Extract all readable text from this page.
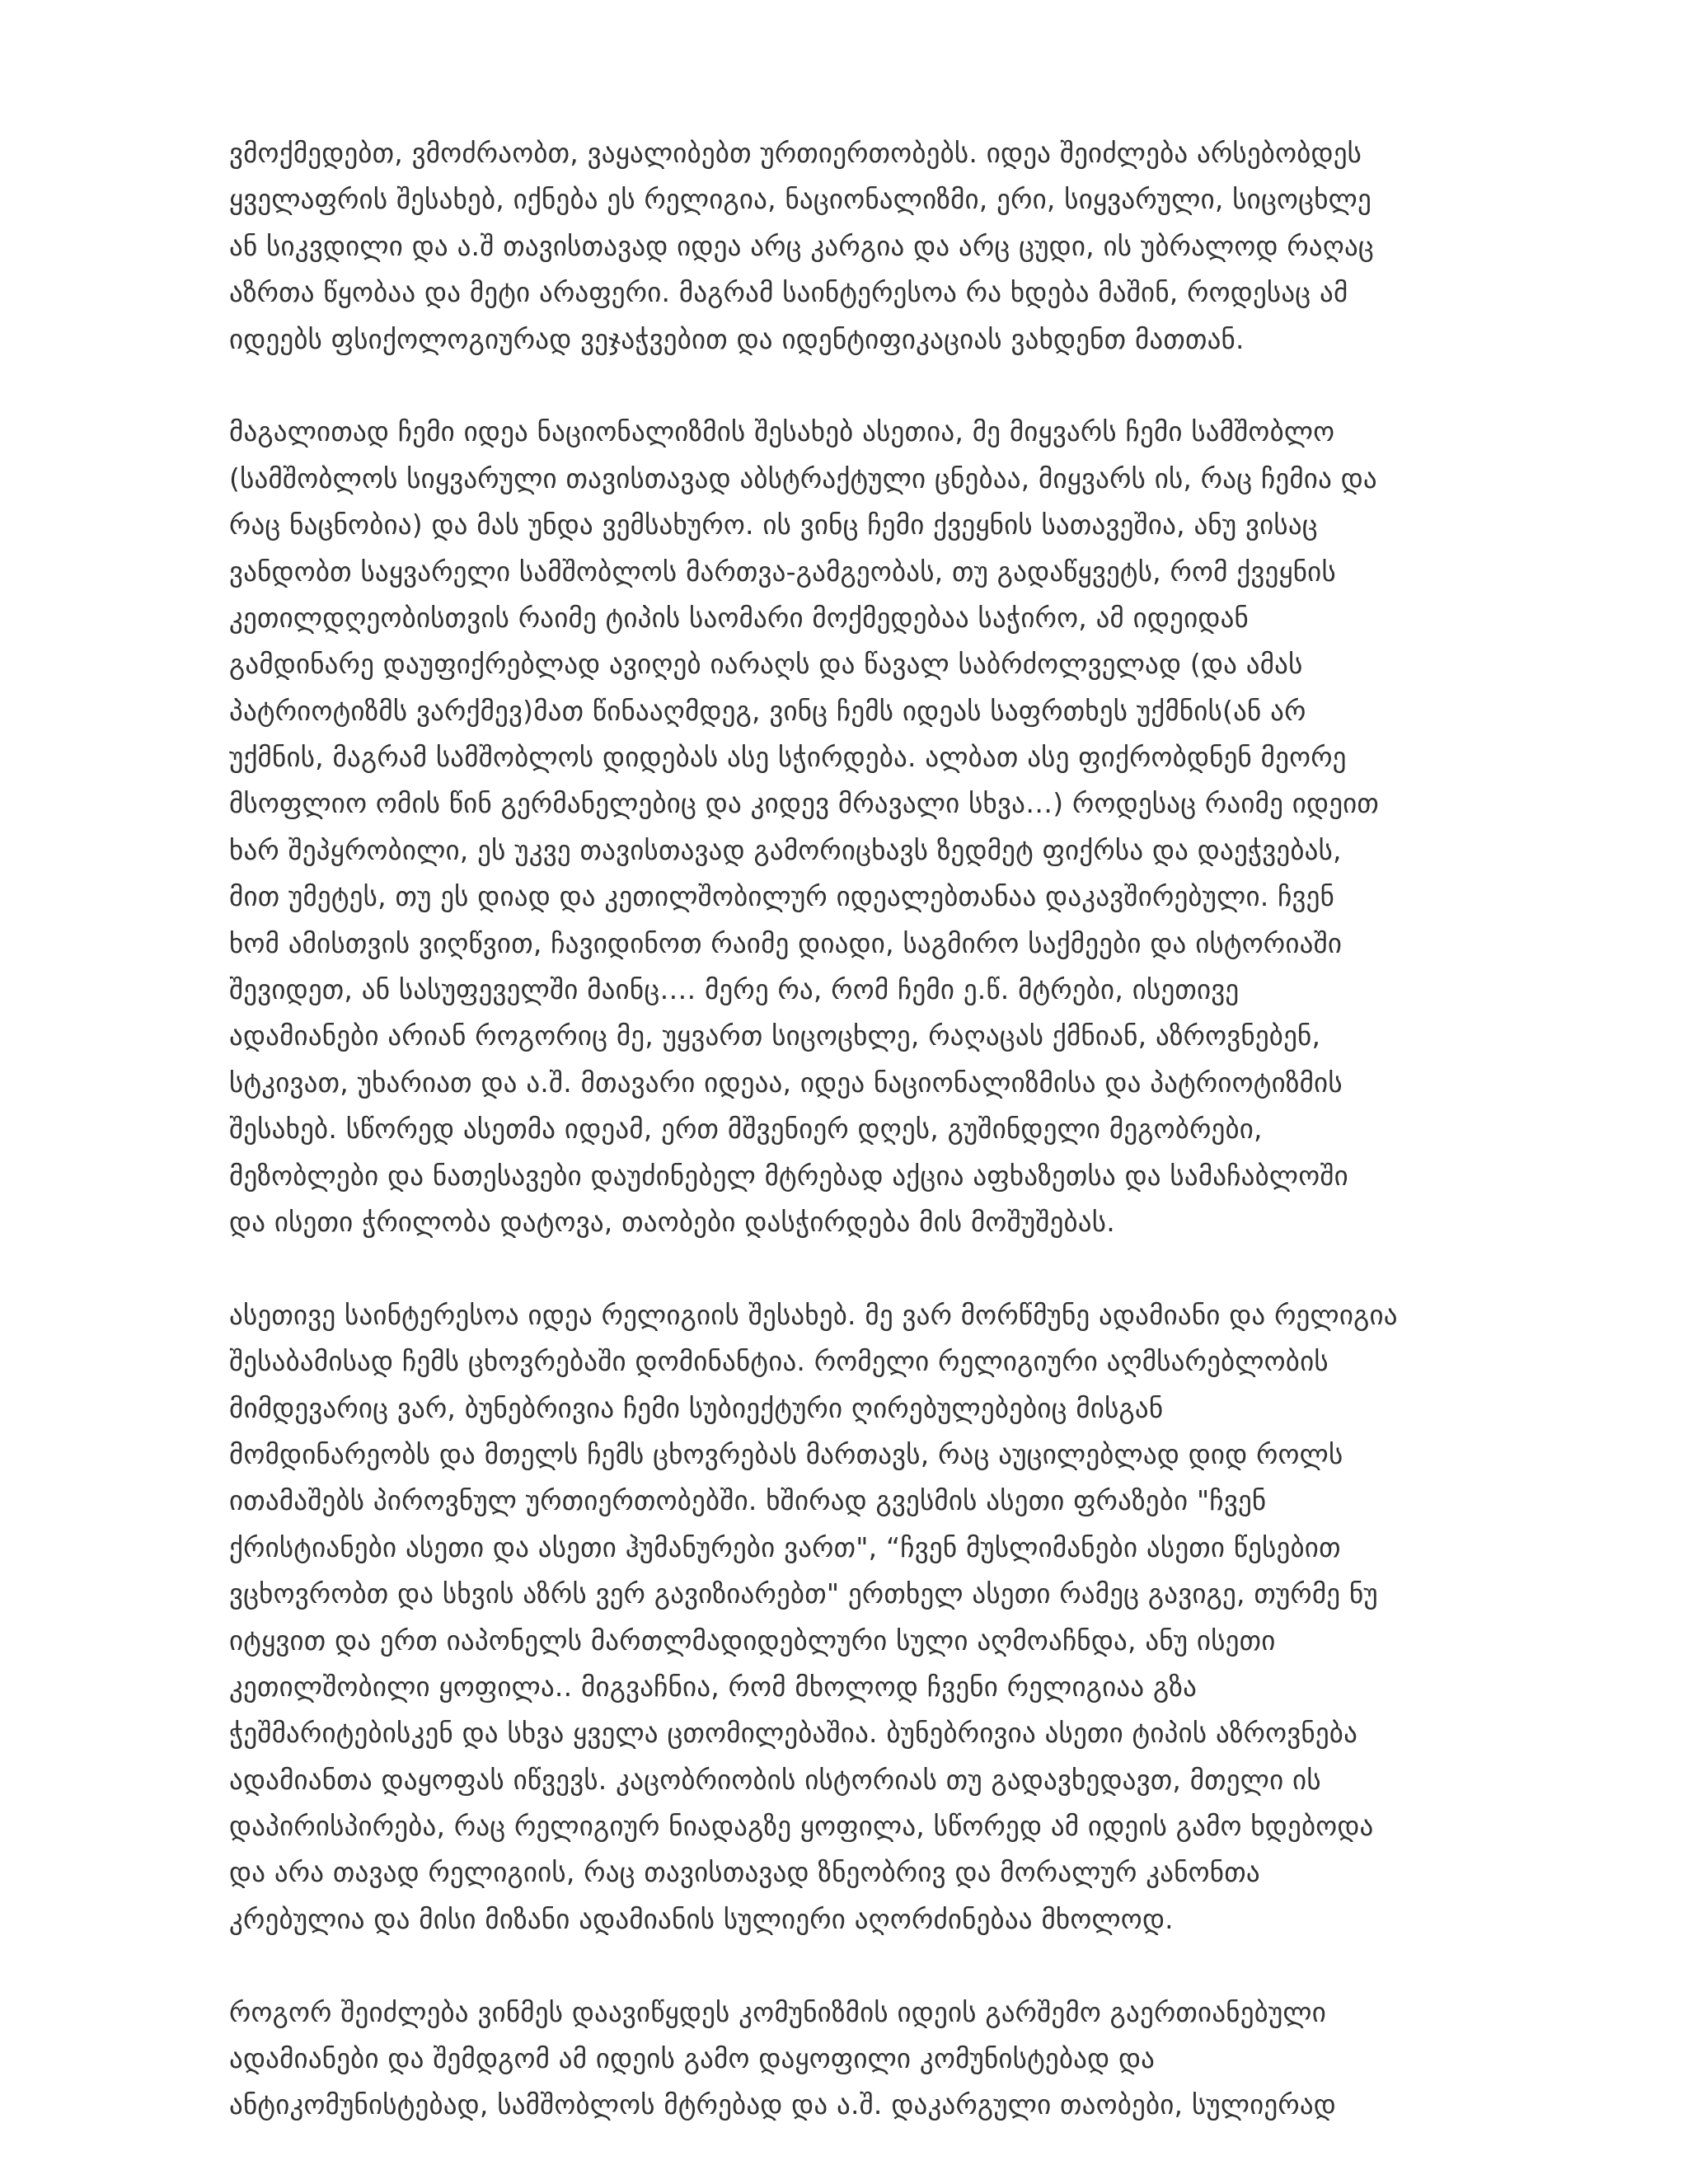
ვმოქმედებთ, ვმოძრაობთ, ვაყალიბებთ ურთიერთობებს. იდეა შეიძლება არსებობდეს
ყველაფრის შესახებ, იქნება ეს რელიგია, ნაციონალიზმი, ერი, სიყვარული, სიცოცხლე
ან სიკვდილი და ა.შ თავისთავად იდეა არც კარგია და არც ცუდი, ის უბრალოდ რაღაც
აზრთა წყობაა და მეტი არაფერი. მაგრამ საინტერესოა რა ხდება მაშინ, როდესაც ამ
იდეებს ფსიქოლოგიურად ვეჯაჭვებით და იდენტიფიკაციას ვახდენთ მათთან.
მაგალითად ჩემი იდეა ნაციონალიზმის შესახებ ასეთია, მე მიყვარს ჩემი სამშობლო
(სამშობლოს სიყვარული თავისთავად აბსტრაქტული ცნებაა, მიყვარს ის, რაც ჩემია და
რაც ნაცნობია) და მას უნდა ვემსახურო. ის ვინც ჩემი ქვეყნის სათავეშია, ანუ ვისაც
ვანდობთ საყვარელი სამშობლოს მართვა-გამგეობას, თუ გადაწყვეტს, რომ ქვეყნის
კეთილდღეობისთვის რაიმე ტიპის საომარი მოქმედებაა საჭირო, ამ იდეიდან
გამდინარე დაუფიქრებლად ავიღებ იარაღს და წავალ საბრძოლველად (და ამას
პატრიოტიზმს ვარქმევ)მათ წინააღმდეგ, ვინც ჩემს იდეას საფრთხეს უქმნის(ან არ
უქმნის, მაგრამ სამშობლოს დიდებას ასე სჭირდება. ალბათ ასე ფიქრობდნენ მეორე
მსოფლიო ომის წინ გერმანელებიც და კიდევ მრავალი სხვა…) როდესაც რაიმე იდეით
ხარ შეპყრობილი, ეს უკვე თავისთავად გამორიცხავს ზედმეტ ფიქრსა და დაეჭვებას,
მით უმეტეს, თუ ეს დიად და კეთილშობილურ იდეალებთანაა დაკავშირებული. ჩვენ
ხომ ამისთვის ვიღწვით, ჩავიდინოთ რაიმე დიადი, საგმირო საქმეები და ისტორიაში
შევიდეთ, ან სასუფეველში მაინც…. მერე რა, რომ ჩემი ე.წ. მტრები, ისეთივე
ადამიანები არიან როგორიც მე, უყვართ სიცოცხლე, რაღაცას ქმნიან, აზროვნებენ,
სტკივათ, უხარიათ და ა.შ. მთავარი იდეაა, იდეა ნაციონალიზმისა და პატრიოტიზმის
შესახებ. სწორედ ასეთმა იდეამ, ერთ მშვენიერ დღეს, გუშინდელი მეგობრები,
მეზობლები და ნათესავები დაუძინებელ მტრებად აქცია აფხაზეთსა და სამაჩაბლოში
და ისეთი ჭრილობა დატოვა, თაობები დასჭირდება მის მოშუშებას.
ასეთივე საინტერესოა იდეა რელიგიის შესახებ. მე ვარ მორწმუნე ადამიანი და რელიგია
შესაბამისად ჩემს ცხოვრებაში დომინანტია. რომელი რელიგიური აღმსარებლობის
მიმდევარიც ვარ, ბუნებრივია ჩემი სუბიექტური ღირებულებებიც მისგან
მომდინარეობს და მთელს ჩემს ცხოვრებას მართავს, რაც აუცილებლად დიდ როლს
ითამაშებს პიროვნულ ურთიერთობებში. ხშირად გვესმის ასეთი ფრაზები "ჩვენ
ქრისტიანები ასეთი და ასეთი ჰუმანურები ვართ", “ჩვენ მუსლიმანები ასეთი წესებით
ვცხოვრობთ და სხვის აზრს ვერ გავიზიარებთ" ერთხელ ასეთი რამეც გავიგე, თურმე ნუ
იტყვით და ერთ იაპონელს მართლმადიდებლური სული აღმოაჩნდა, ანუ ისეთი
კეთილშობილი ყოფილა.. მიგვაჩნია, რომ მხოლოდ ჩვენი რელიგიაა გზა
ჭეშმარიტებისკენ და სხვა ყველა ცთომილებაშია. ბუნებრივია ასეთი ტიპის აზროვნება
ადამიანთა დაყოფას იწვევს. კაცობრიობის ისტორიას თუ გადავხედავთ, მთელი ის
დაპირისპირება, რაც რელიგიურ ნიადაგზე ყოფილა, სწორედ ამ იდეის გამო ხდებოდა
და არა თავად რელიგიის, რაც თავისთავად ზნეობრივ და მორალურ კანონთა
კრებულია და მისი მიზანი ადამიანის სულიერი აღორძინებაა მხოლოდ.
როგორ შეიძლება ვინმეს დაავიწყდეს კომუნიზმის იდეის გარშემო გაერთიანებული
ადამიანები და შემდგომ ამ იდეის გამო დაყოფილი კომუნისტებად და
ანტიკომუნისტებად, სამშობლოს მტრებად და ა.შ. დაკარგული თაობები, სულიერად
